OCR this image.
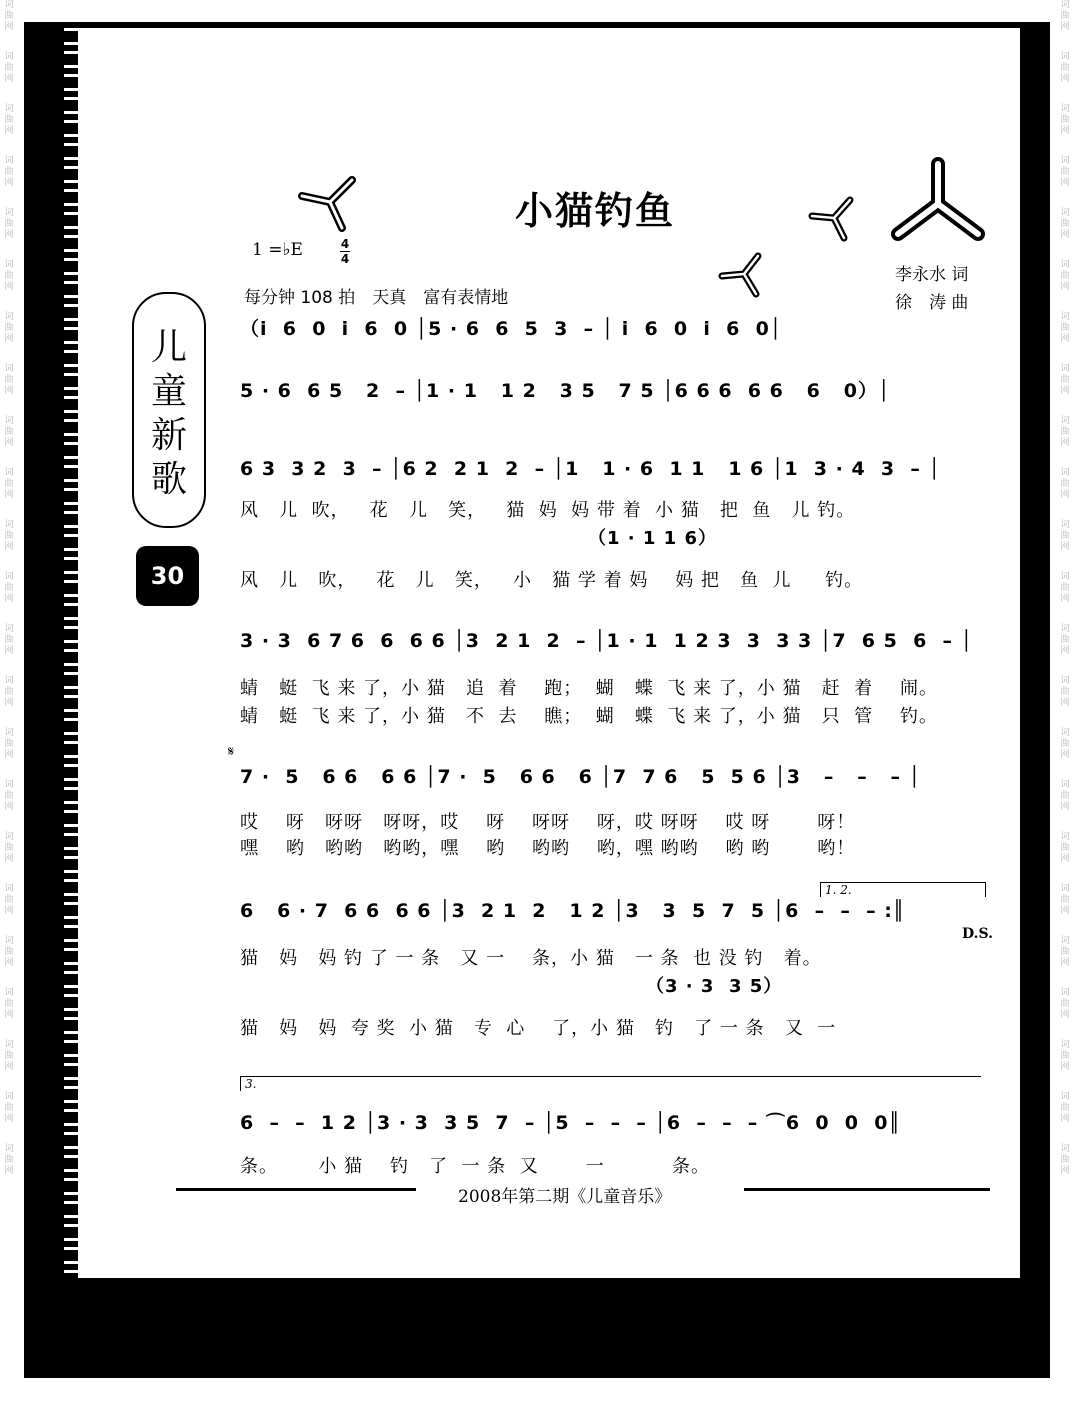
词曲网
词曲网
词曲网
词曲网
词曲网
词曲网
词曲网
词曲网
词曲网
词曲网
词曲网
词曲网
词曲网
词曲网
词曲网
词曲网
词曲网
词曲网
词曲网
词曲网
词曲网
词曲网
词曲网
词曲网
词曲网
词曲网
词曲网
词曲网
词曲网
词曲网
词曲网
词曲网
词曲网
词曲网
词曲网
词曲网
词曲网
词曲网
词曲网
词曲网
词曲网
词曲网
词曲网
词曲网
词曲网
词曲网
小猫钓鱼
1 =♭E	4
4
每分钟 108 拍　天真　富有表情地
李永水 词
徐　涛 曲
儿
童
新
歌
30
（i  6  0  i  6  0 │5 · 6  6  5  3  – │ i  6  0  i  6  0│
5 · 6  6 5   2  – │1 · 1   1 2   3 5   7 5 │6 6 6  6 6   6   0）│
6 3  3 2  3  – │6 2  2 1  2  – │1   1 · 6  1 1   1 6 │1  3 · 4  3  – │
风   儿  吹，   花   儿   笑，   猫  妈  妈 带 着  小 猫   把  鱼   儿 钓。
（1 · 1 1 6）
风   儿   吹，   花   儿   笑，   小   猫 学 着 妈    妈 把   鱼  儿     钓。
3 · 3  6 7 6  6  6 6 │3  2 1  2  – │1 · 1  1 2 3  3  3 3 │7  6 5  6  – │
蜻   蜓  飞 来 了，小 猫   追  着    跑；  蝴   蝶  飞 来 了，小 猫   赶  着    闹。
蜻   蜓  飞 来 了，小 猫   不  去    瞧；  蝴   蝶  飞 来 了，小 猫   只  管    钓。
𝄋
7 ·  5   6 6   6 6 │7 ·  5   6 6   6 │7  7 6   5  5 6 │3   –   –   – │
哎    呀   呀呀   呀呀，哎    呀    呀呀    呀，哎 呀呀    哎 呀       呀！
嘿    哟   哟哟   哟哟，嘿    哟    哟哟    哟，嘿 哟哟    哟 哟       哟！
1. 2.
6   6 · 7  6 6  6 6 │3  2 1  2   1 2 │3   3  5  7  5 │6  –  –  – :║
D.S.
猫   妈   妈 钓 了 一 条   又 一    条，小 猫   一 条  也 没 钓   着。
（3 · 3  3 5）
猫   妈   妈  夸 奖  小 猫   专  心    了，小 猫   钓   了 一 条   又  一
3.
6  –  –  1 2 │3 · 3  3 5  7  – │5  –  –  – │6  –  –  – ⌒6  0  0  0║
条。      小 猫    钓   了  一 条  又       一          条。
2008年第二期《儿童音乐》
